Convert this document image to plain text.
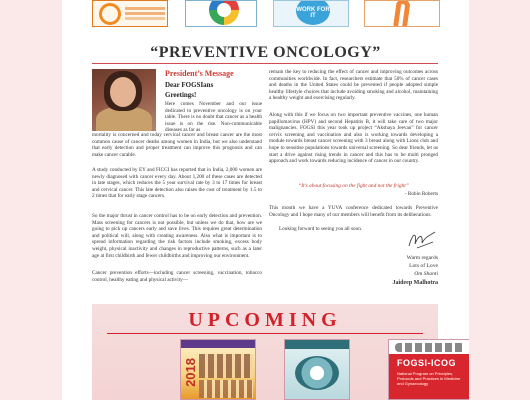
WORK FOR IT
“PREVENTIVE ONCOLOGY”
President’s Message
Dear FOGSIans
Greetings!
Here comes November and our issue dedicated to preventive oncology is on your table. There is no doubt that cancer as a health issue is on the rise. Non-communicable diseases as far as
mortality is concerned and today cervical cancer and breast cancer are the most common cause of cancer deaths among women in India, but we also understand that early detection and proper treatment can improve this prognosis and can make cancer curable.
A study conducted by EY and FICCI has reported that in India, 2,000 women are newly diagnosed with cancer every day. About 1,200 of these cases are detected in late stages, which reduces the 5 year survival rate by 3 to 17 times for breast and cervical cancer. This late detection also raises the cost of treatment by 1.5 to 2 times that for early stage cancers.
So the major thrust in cancer control has to be on early detection and prevention. Mass screening for cancers is not possible, but unless we do that, how are we going to pick up cancers early and save lives. This requires great determination and political will, along with creating awareness. Also what is important is to spread information regarding the risk factors include smoking, excess body weight, physical inactivity and changes in reproductive patterns, such as a later age at first childbirth and fewer childbirths and improving our environment.
Cancer prevention efforts—including cancer screening, vaccination, tobacco control, healthy eating and physical activity—
remain the key to reducing the effect of cancer and improving outcomes across communities worldwide. In fact, researchers estimate that 50% of cancer cases and deaths in the United States could be prevented if people adopted simple healthy lifestyle choices that include avoiding smoking and alcohol, maintaining a healthy weight and exercising regularly.
Along with this if we focus on two important preventive vaccines, one human papillomavirus (HPV) and second Hepatitis B, it will take care of two major malignancies. FOGSI this year took up project “Akshaya Jeevan” for cancer cervix screening and vaccination and also is working towards developing a module towards breast cancer screening with 3 breast along with Lions club and hope to sensitise populations towards universal screening. So dear friends, let us start a drive against rising trends in cancer and this has to be multi pronged approach and work towards reducing incidence of cancer in our country.
“It’s about focusing on the fight and not the fright”
- Robin Roberts
This month we have a YUVA conference dedicated towards Preventive Oncology and I hope many of our members will benefit from its deliberations.
Looking forward to seeing you all soon.
Warm regards
Lots of Love
Om Shanti
Jaideep Malhotra
UPCOMING
2018	FOGSI-ICOG
National Program on Principles, Protocols and Practices in Medicine and Gynaecology
